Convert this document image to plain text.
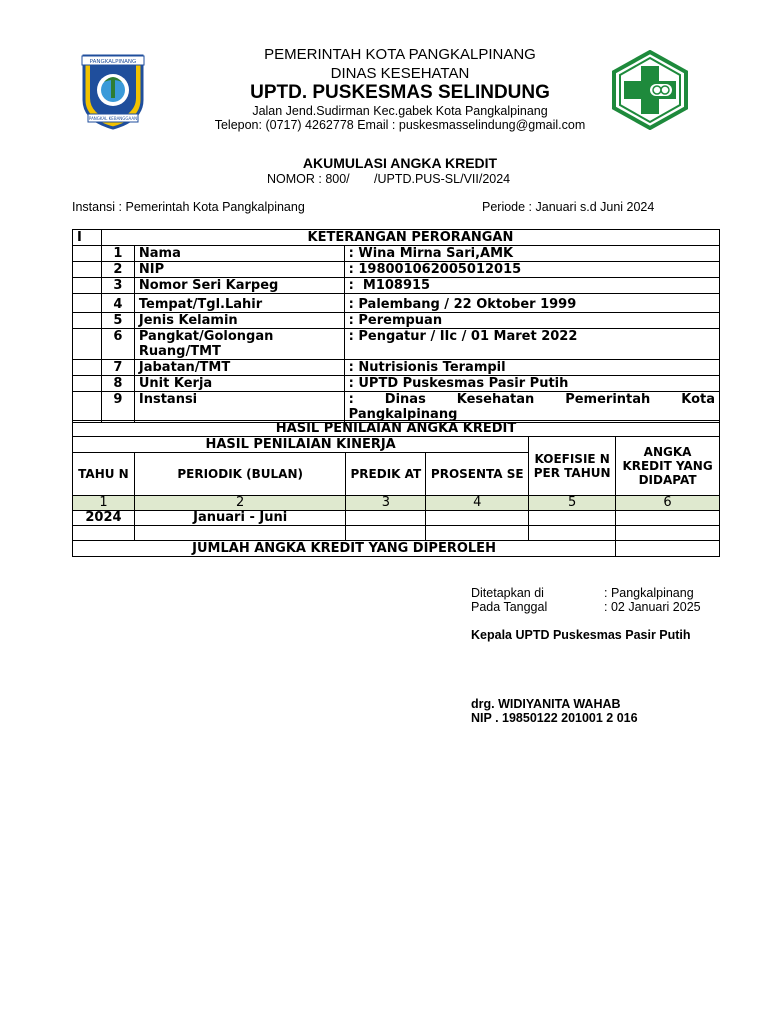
PANGKALPINANG
PANGKAL KEBANGGAAN
PEMERINTAH KOTA PANGKALPINANG
DINAS KESEHATAN
UPTD. PUSKESMAS SELINDUNG
Jalan Jend.Sudirman Kec.gabek Kota Pangkalpinang
Telepon: (0717) 4262778 Email : puskesmasselindung@gmail.com
AKUMULASI ANGKA KREDIT
NOMOR : 800/       /UPTD.PUS-SL/VII/2024
Instansi : Pemerintah Kota Pangkalpinang	Periode : Januari s.d Juni 2024
I	KETERANGAN PERORANGAN		
	1	Nama	: Wina Mirna Sari,AMK
	2	NIP	: 198001062005012015
	3	Nomor Seri Karpeg	:  M108915
	4	Tempat/Tgl.Lahir	: Palembang / 22 Oktober 1999
	5	Jenis Kelamin	: Perempuan
	6	Pangkat/Golongan Ruang/TMT	: Pengatur / IIc / 01 Maret 2022
	7	Jabatan/TMT	: Nutrisionis Terampil
	8	Unit Kerja	: UPTD Puskesmas Pasir Putih
	9	Instansi	: Dinas Kesehatan Pemerintah Kota Pangkalpinang
HASIL PENILAIAN ANGKA KREDIT					
HASIL PENILAIAN KINERJA				KOEFISIE N PER TAHUN	ANGKA KREDIT YANG DIDAPAT
TAHU N	PERIODIK (BULAN)	PREDIK AT	PROSENTA SE		
1	2	3	4	5	6
2024	Januari - Juni				

JUMLAH ANGKA KREDIT YANG DIPEROLEH					
Ditetapkan di	: Pangkalpinang
Pada Tanggal	: 02 Januari 2025
Kepala UPTD Puskesmas Pasir Putih
drg. WIDIYANITA WAHAB
NIP . 19850122 201001 2 016
